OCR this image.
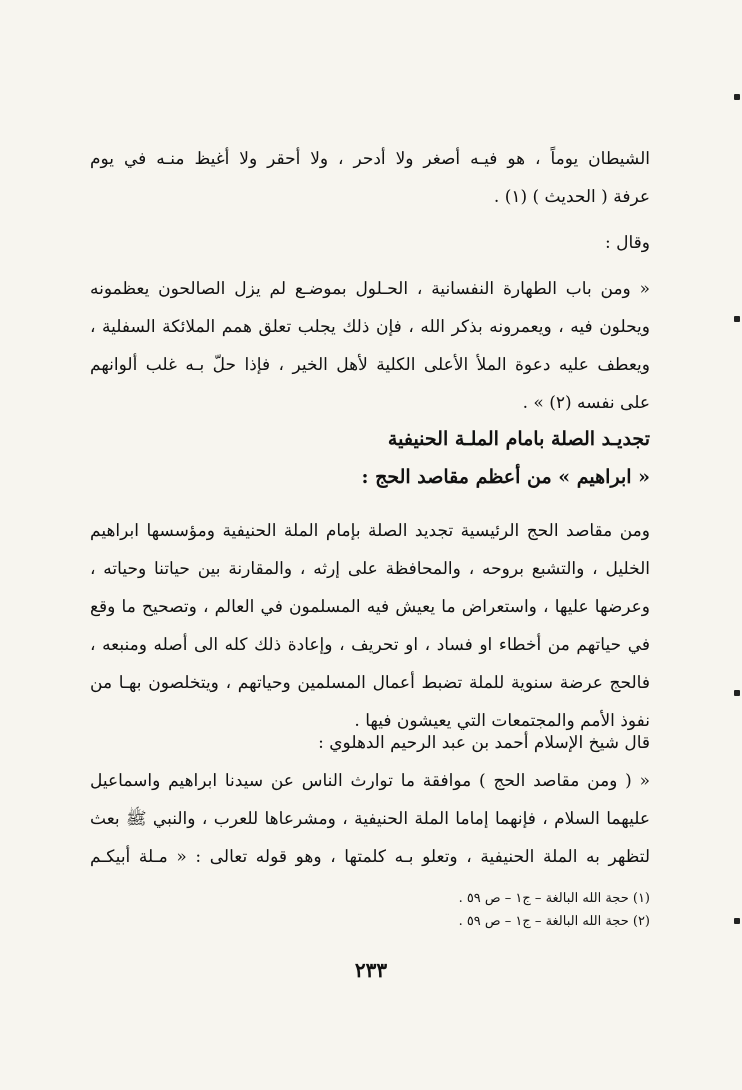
الشيطان يوماً ، هو فيـه أصغر ولا أدحر ، ولا أحقر ولا أغيظ منـه في يوم
عرفة ( الحديث ) (١) .
وقال :
« ومن باب الطهارة النفسانية ، الحـلول بموضـع لم يزل الصالحون يعظمونه
ويحلون فيه ، ويعمرونه بذكر الله ، فإن ذلك يجلب تعلق همم الملائكة السفلية ،
ويعطف عليه دعوة الملأ الأعلى الكلية لأهل الخير ، فإذا حلّ بـه غلب ألوانهم
على نفسه (٢) » .
تجديـد الصلة بامام الملـة الحنيفية
« ابراهيم » من أعظم مقاصد الحج :
ومن مقاصد الحج الرئيسية تجديد الصلة بإمام الملة الحنيفية ومؤسسها ابراهيم
الخليل ، والتشبع بروحه ، والمحافظة على إرثه ، والمقارنة بين حياتنا وحياته ،
وعرضها عليها ، واستعراض ما يعيش فيه المسلمون في العالم ، وتصحيح ما وقع
في حياتهم من أخطاء او فساد ، او تحريف ، وإعادة ذلك كله الى أصله ومنبعه ،
فالحج عرضة سنوية للملة تضبط أعمال المسلمين وحياتهم ، ويتخلصون بهـا من
نفوذ الأمم والمجتمعات التي يعيشون فيها .
قال شيخ الإسلام أحمد بن عبد الرحيم الدهلوي :
« ( ومن مقاصد الحج ) موافقة ما توارث الناس عن سيدنا ابراهيم واسماعيل
عليهما السلام ، فإنهما إماما الملة الحنيفية ، ومشرعاها للعرب ، والنبي ﷺ بعث
لتظهر به الملة الحنيفية ، وتعلو بـه كلمتها ، وهو قوله تعالى : « مـلة أبيكـم
(١) حجة الله البالغة – ج١ – ص ٥٩ .
(٢) حجة الله البالغة – ج١ – ص ٥٩ .
٢٣٣
